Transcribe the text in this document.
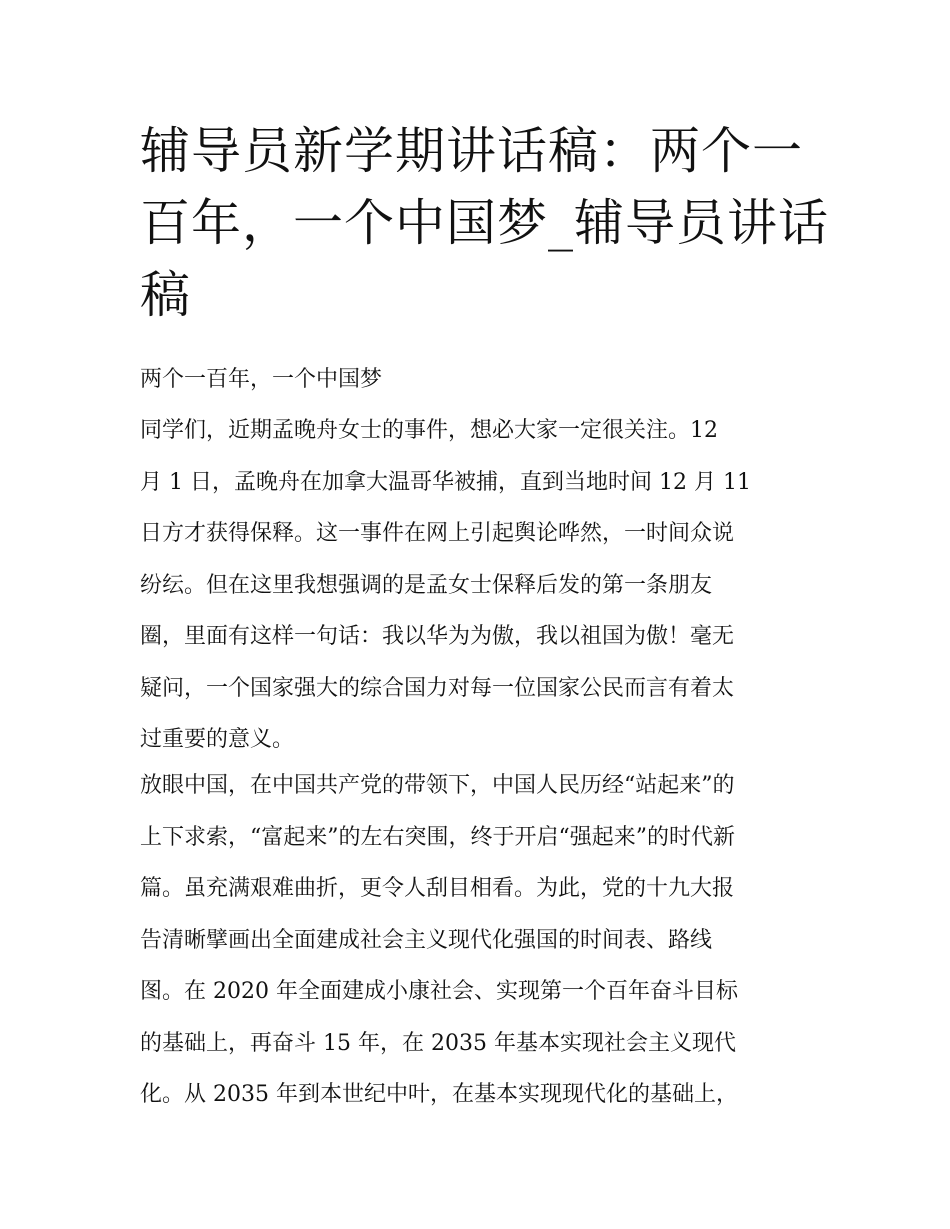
辅导员新学期讲话稿：两个一
百年，一个中国梦_辅导员讲话
稿

两个一百年，一个中国梦

同学们，近期孟晚舟女士的事件，想必大家一定很关注。12
月 1 日，孟晚舟在加拿大温哥华被捕，直到当地时间 12 月 11
日方才获得保释。这一事件在网上引起舆论哗然，一时间众说
纷纭。但在这里我想强调的是孟女士保释后发的第一条朋友
圈，里面有这样一句话：我以华为为傲，我以祖国为傲！毫无
疑问，一个国家强大的综合国力对每一位国家公民而言有着太
过重要的意义。

放眼中国，在中国共产党的带领下，中国人民历经“站起来”的
上下求索，“富起来”的左右突围，终于开启“强起来”的时代新
篇。虽充满艰难曲折，更令人刮目相看。为此，党的十九大报
告清晰擘画出全面建成社会主义现代化强国的时间表、路线
图。在 2020 年全面建成小康社会、实现第一个百年奋斗目标
的基础上，再奋斗 15 年，在 2035 年基本实现社会主义现代
化。从 2035 年到本世纪中叶，在基本实现现代化的基础上，
